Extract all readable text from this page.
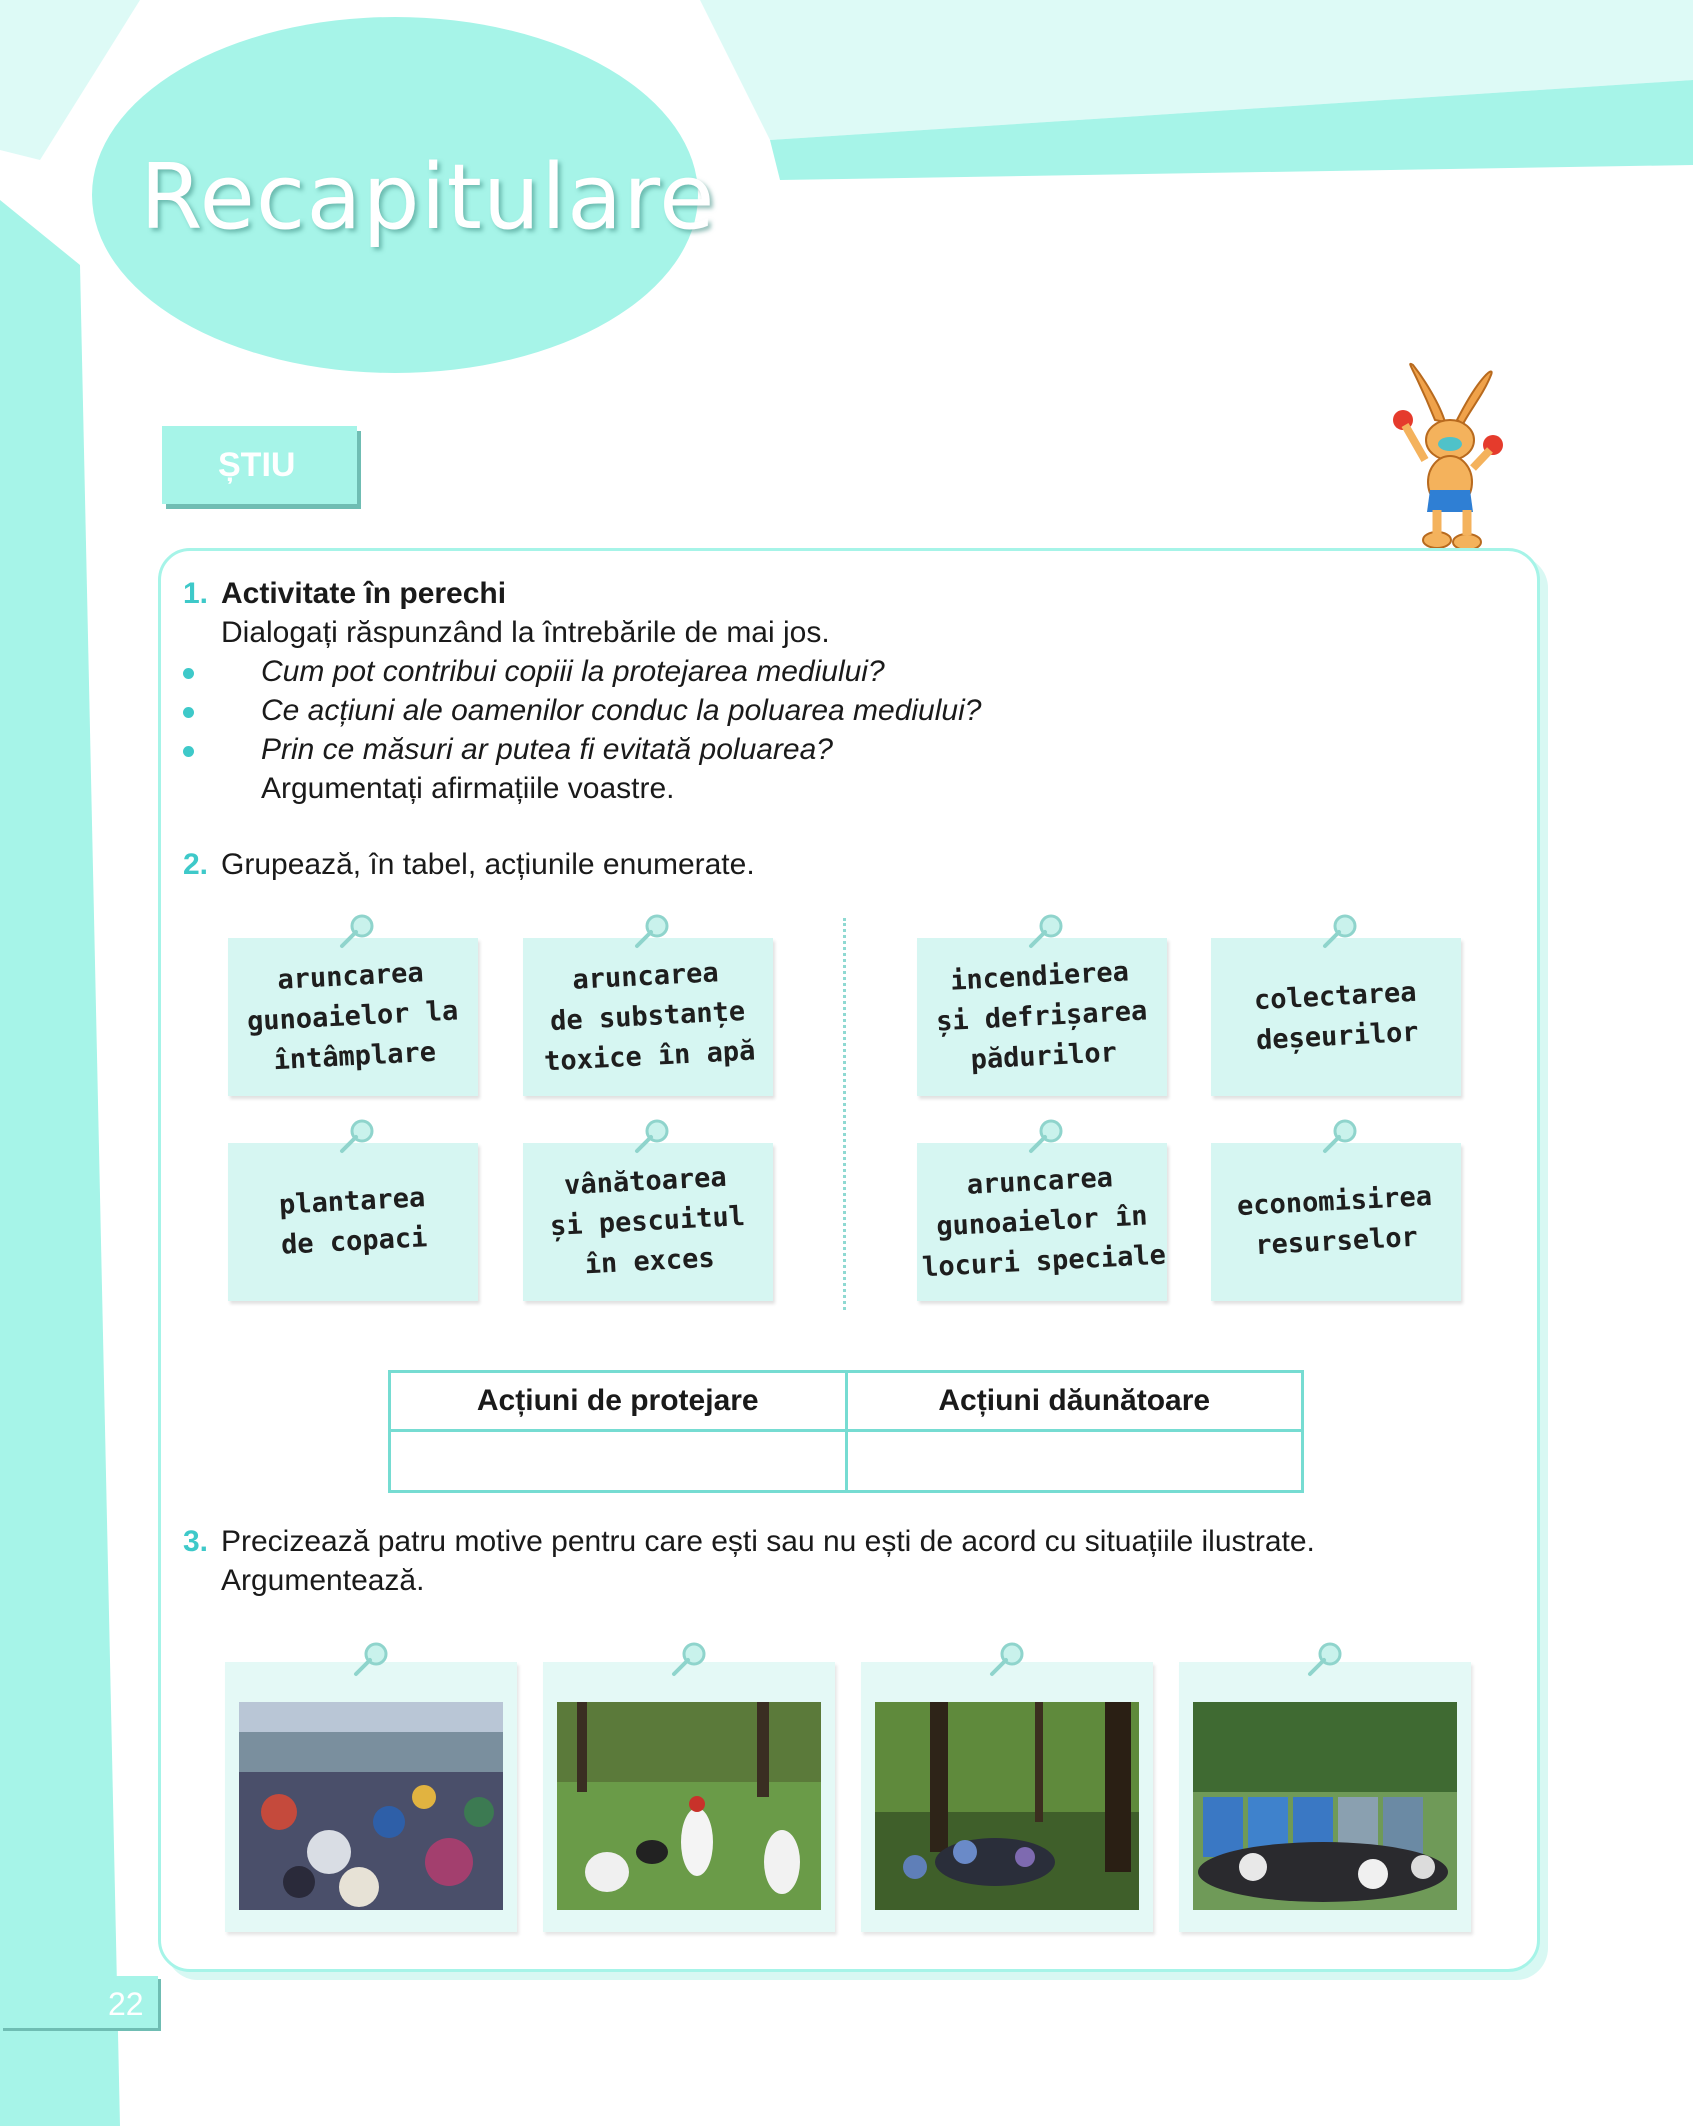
Recapitulare
ȘTIU
1. Activitate în perechi
Dialogați răspunzând la întrebările de mai jos.
Cum pot contribui copiii la protejarea mediului?
Ce acțiuni ale oamenilor conduc la poluarea mediului?
Prin ce măsuri ar putea fi evitată poluarea?
Argumentați afirmațiile voastre.
2. Grupează, în tabel, acțiunile enumerate.
aruncarea
gunoaielor la
întâmplare
aruncarea
de substanțe
toxice în apă
incendierea
și defrișarea
pădurilor
colectarea
deșeurilor
plantarea
de copaci
vânătoarea
și pescuitul
în exces
aruncarea
gunoaielor în
locuri speciale
economisirea
resurselor
Acțiuni de protejare	Acțiuni dăunătoare

3. Precizează patru motive pentru care ești sau nu ești de acord cu situațiile ilustrate.
Argumentează.
22
